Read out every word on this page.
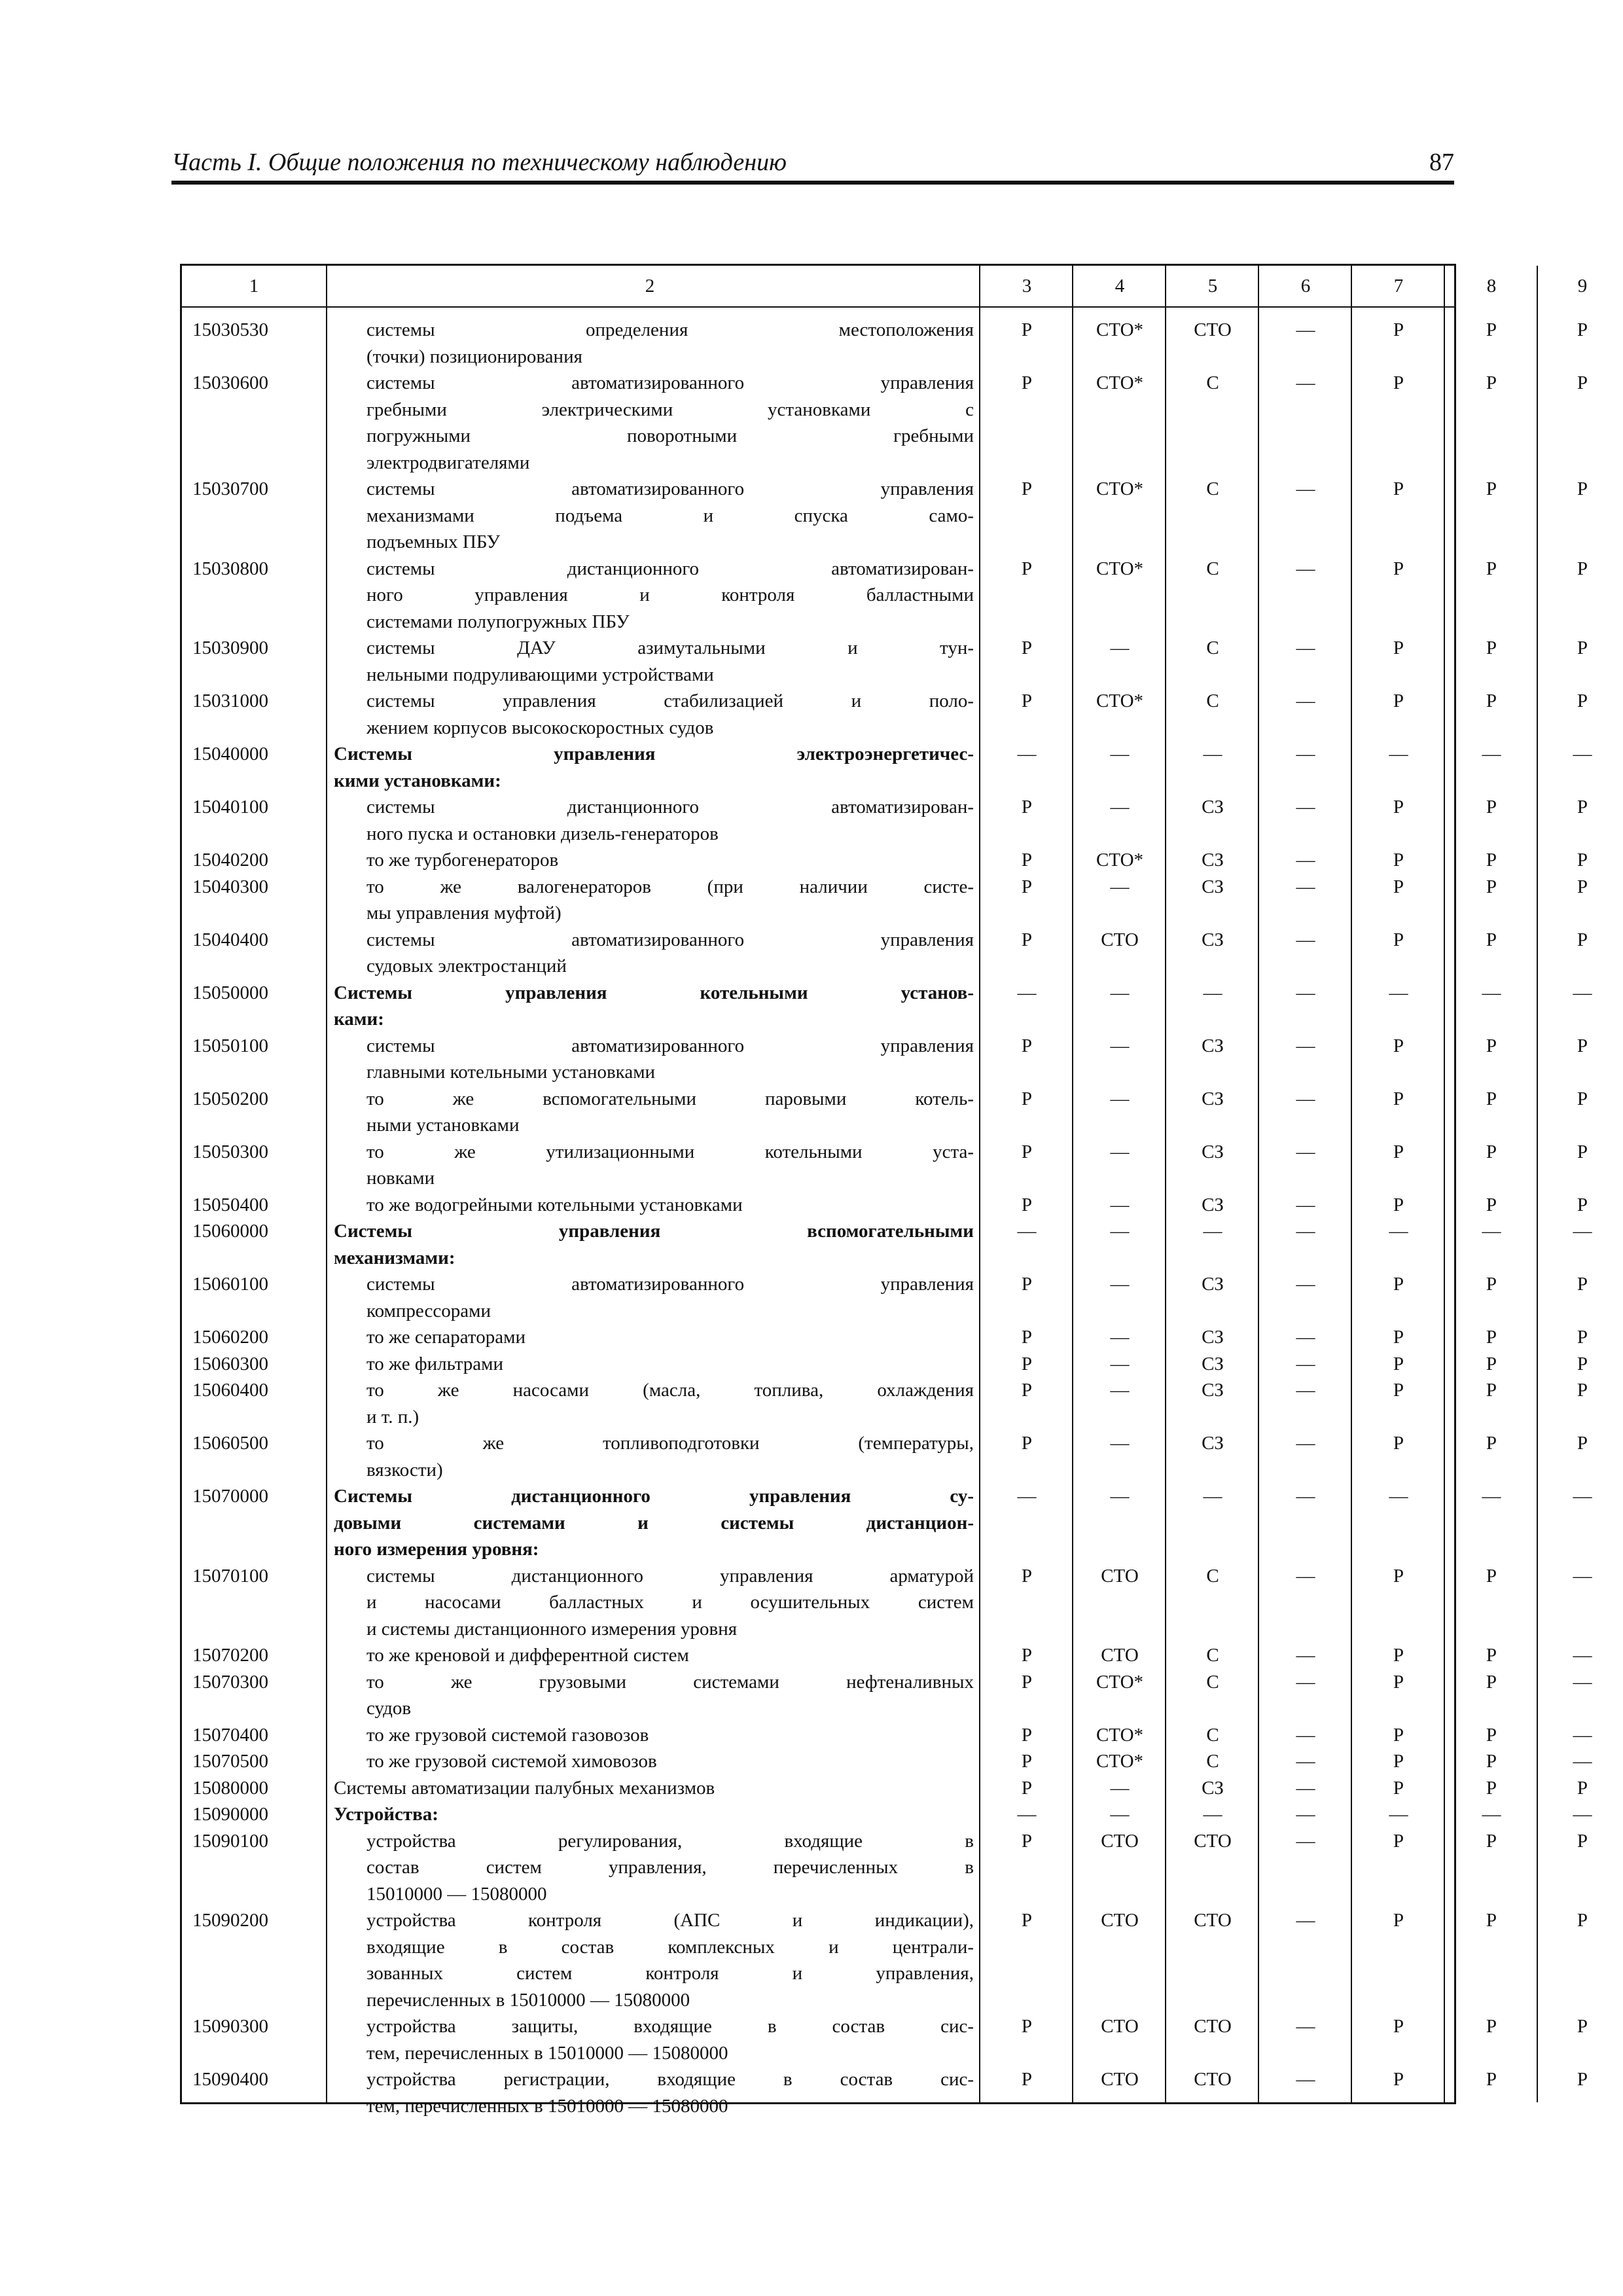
Часть I. Общие положения по техническому наблюдению	87
1	2	3	4	5	6	7	8	9
15030530	системы определения местоположения
(точки) позиционирования
Р	СТО*	СТО	—	Р	Р	Р
15030600	системы автоматизированного управления
гребными электрическими установками с
погружными поворотными гребными
электродвигателями
Р	СТО*	С	—	Р	Р	Р
15030700	системы автоматизированного управления
механизмами подъема и спуска само-
подъемных ПБУ
Р	СТО*	С	—	Р	Р	Р
15030800	системы дистанционного автоматизирован-
ного управления и контроля балластными
системами полупогружных ПБУ
Р	СТО*	С	—	Р	Р	Р
15030900	системы ДАУ азимутальными и тун-
нельными подруливающими устройствами
Р	—	С	—	Р	Р	Р
15031000	системы управления стабилизацией и поло-
жением корпусов высокоскоростных судов
Р	СТО*	С	—	Р	Р	Р
15040000	Системы управления электроэнергетичес-
кими установками:
—	—	—	—	—	—	—
15040100	системы дистанционного автоматизирован-
ного пуска и остановки дизель-генераторов
Р	—	СЗ	—	Р	Р	Р
15040200	то же турбогенераторов	Р	СТО*	СЗ	—	Р	Р	Р
15040300	то же валогенераторов (при наличии систе-
мы управления муфтой)
Р	—	СЗ	—	Р	Р	Р
15040400	системы автоматизированного управления
судовых электростанций
Р	СТО	СЗ	—	Р	Р	Р
15050000	Системы управления котельными установ-
ками:
—	—	—	—	—	—	—
15050100	системы автоматизированного управления
главными котельными установками
Р	—	СЗ	—	Р	Р	Р
15050200	то же вспомогательными паровыми котель-
ными установками
Р	—	СЗ	—	Р	Р	Р
15050300	то же утилизационными котельными уста-
новками
Р	—	СЗ	—	Р	Р	Р
15050400	то же водогрейными котельными установками	Р	—	СЗ	—	Р	Р	Р
15060000	Системы управления вспомогательными
механизмами:
—	—	—	—	—	—	—
15060100	системы автоматизированного управления
компрессорами
Р	—	СЗ	—	Р	Р	Р
15060200	то же сепараторами	Р	—	СЗ	—	Р	Р	Р
15060300	то же фильтрами	Р	—	СЗ	—	Р	Р	Р
15060400	то же насосами (масла, топлива, охлаждения
и т. п.)
Р	—	СЗ	—	Р	Р	Р
15060500	то же топливоподготовки (температуры,
вязкости)
Р	—	СЗ	—	Р	Р	Р
15070000	Системы дистанционного управления су-
довыми системами и системы дистанцион-
ного измерения уровня:
—	—	—	—	—	—	—
15070100	системы дистанционного управления арматурой
и насосами балластных и осушительных систем
и системы дистанционного измерения уровня
Р	СТО	С	—	Р	Р	—
15070200	то же креновой и дифферентной систем	Р	СТО	С	—	Р	Р	—
15070300	то же грузовыми системами нефтеналивных
судов
Р	СТО*	С	—	Р	Р	—
15070400	то же грузовой системой газовозов	Р	СТО*	С	—	Р	Р	—
15070500	то же грузовой системой химовозов	Р	СТО*	С	—	Р	Р	—
15080000	Системы автоматизации палубных механизмов	Р	—	СЗ	—	Р	Р	Р
15090000	Устройства:	—	—	—	—	—	—	—
15090100	устройства регулирования, входящие в
состав систем управления, перечисленных в
15010000 — 15080000
Р	СТО	СТО	—	Р	Р	Р
15090200	устройства контроля (АПС и индикации),
входящие в состав комплексных и централи-
зованных систем контроля и управления,
перечисленных в 15010000 — 15080000
Р	СТО	СТО	—	Р	Р	Р
15090300	устройства защиты, входящие в состав сис-
тем, перечисленных в 15010000 — 15080000
Р	СТО	СТО	—	Р	Р	Р
15090400	устройства регистрации, входящие в состав сис-
тем, перечисленных в 15010000 — 15080000
Р	СТО	СТО	—	Р	Р	Р
